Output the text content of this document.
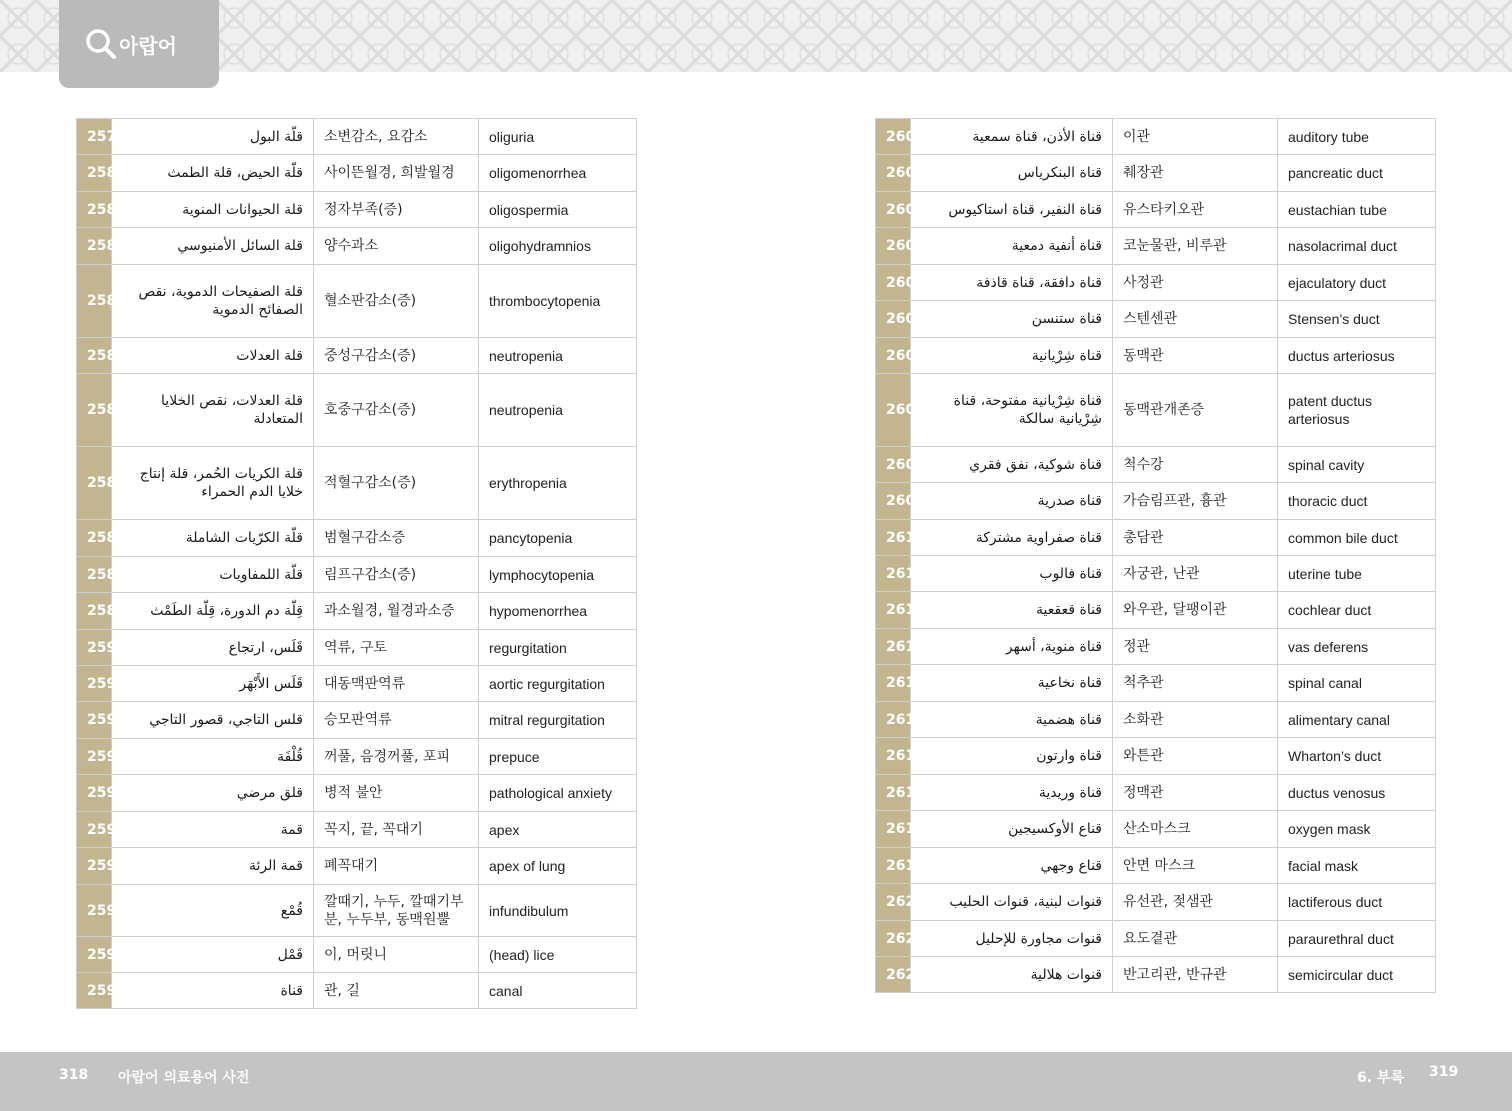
아랍어
2579	قلّة البول	소변감소, 요감소	oliguria
2580	قلّة الحيض، قلة الطمث	사이뜬월경, 희발월경	oligomenorrhea
2581	قلة الحيوانات المنوية	정자부족(증)	oligospermia
2582	قلة السائل الأمنيوسي	양수과소	oligohydramnios
2583	قلة الصفيحات الدموية، نقص الصفائح الدموية	혈소판감소(증)	thrombocytopenia
2584	قلة العدلات	중성구감소(증)	neutropenia
2585	قلة العدلات، نقص الخلايا المتعادلة	호중구감소(증)	neutropenia
2586	قلة الكريات الحُمر، قلة إنتاج خلايا الدم الحمراء	적혈구감소(증)	erythropenia
2587	قلّة الكرّيات الشاملة	범혈구감소증	pancytopenia
2588	قلّة اللمفاويات	림프구감소(증)	lymphocytopenia
2589	قِلّة دم الدورة، قِلّة الطَمْث	과소월경, 월경과소증	hypomenorrhea
2590	قَلَس، ارتجاع	역류, 구토	regurgitation
2591	قَلَس الأَبْهَر	대동맥판역류	aortic regurgitation
2592	قلس التاجي، قصور التاجي	승모판역류	mitral regurgitation
2593	قُلْفَة	꺼풀, 음경꺼풀, 포피	prepuce
2594	قلق مرضي	병적 불안	pathological anxiety
2595	قمة	꼭지, 끝, 꼭대기	apex
2596	قمة الرئة	폐꼭대기	apex of lung
2597	قُمْع	깔때기, 누두, 깔때기부분, 누두부, 동맥원뿔	infundibulum
2598	قَمْل	이, 머릿니	(head) lice
2599	قناة	관, 길	canal
2600	قناة الأذن، قناة سمعية	이관	auditory tube
2601	قناة البنكرياس	췌장관	pancreatic duct
2602	قناة النفير، قناة استاكيوس	유스타키오관	eustachian tube
2603	قناة أنفية دمعية	코눈물관, 비루관	nasolacrimal duct
2604	قناة دافقة، قناة قاذفة	사정관	ejaculatory duct
2605	قناة ستنسن	스텐센관	Stensen’s duct
2606	قناة شِرْيانية	동맥관	ductus arteriosus
2607	قناة شِرْيانية مفتوحة، قناة شِرْيانية سالكة	동맥관개존증	patent ductus arteriosus
2608	قناة شوكية، نفق فقري	척수강	spinal cavity
2609	قناة صدرية	가슴림프관, 흉관	thoracic duct
2610	قناة صفراوية مشتركة	총담관	common bile duct
2611	قناة فالوب	자궁관, 난관	uterine tube
2612	قناة قعقعية	와우관, 달팽이관	cochlear duct
2613	قناة منوية، أسهر	정관	vas deferens
2614	قناة نخاعية	척추관	spinal canal
2615	قناة هضمية	소화관	alimentary canal
2616	قناة وارتون	와튼관	Wharton’s duct
2617	قناة وريدية	정맥관	ductus venosus
2618	قناع الأوكسيجين	산소마스크	oxygen mask
2619	قناع وجهي	안면 마스크	facial mask
2620	قنوات لبنية، قنوات الحليب	유선관, 젖샘관	lactiferous duct
2621	قنوات مجاورة للإحليل	요도곁관	paraurethral duct
2622	قنوات هلالية	반고리관, 반규관	semicircular duct
318 아랍어 의료용어 사전	6. 부록 319
